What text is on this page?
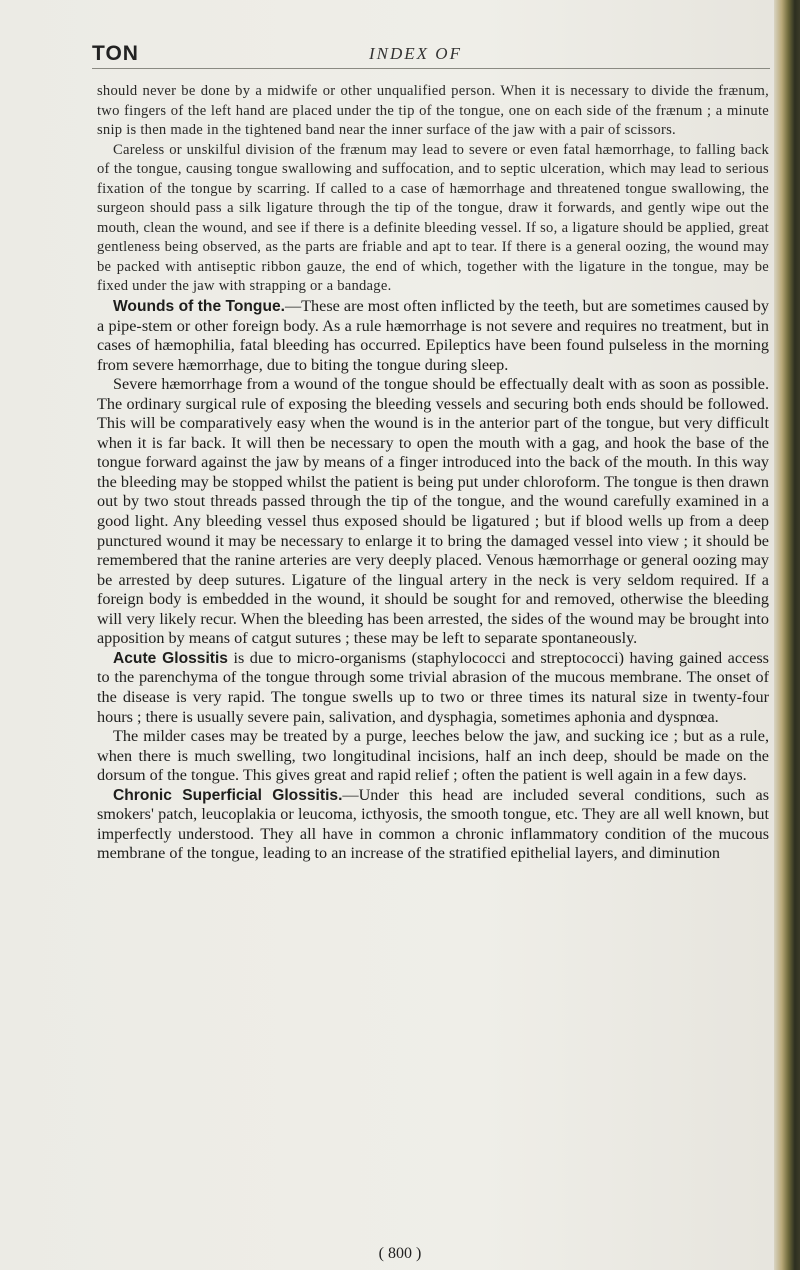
TON	INDEX OF

should never be done by a midwife or other unqualified person. When it is necessary to divide the frænum, two fingers of the left hand are placed under the tip of the tongue, one on each side of the frænum ; a minute snip is then made in the tightened band near the inner surface of the jaw with a pair of scissors.

Careless or unskilful division of the frænum may lead to severe or even fatal hæmorrhage, to falling back of the tongue, causing tongue swallowing and suffocation, and to septic ulceration, which may lead to serious fixation of the tongue by scarring. If called to a case of hæmorrhage and threatened tongue swallowing, the surgeon should pass a silk ligature through the tip of the tongue, draw it forwards, and gently wipe out the mouth, clean the wound, and see if there is a definite bleeding vessel. If so, a ligature should be applied, great gentleness being observed, as the parts are friable and apt to tear. If there is a general oozing, the wound may be packed with antiseptic ribbon gauze, the end of which, together with the ligature in the tongue, may be fixed under the jaw with strapping or a bandage.

Wounds of the Tongue.—These are most often inflicted by the teeth, but are sometimes caused by a pipe-stem or other foreign body. As a rule hæmorrhage is not severe and requires no treatment, but in cases of hæmophilia, fatal bleeding has occurred. Epileptics have been found pulseless in the morning from severe hæmorrhage, due to biting the tongue during sleep.

Severe hæmorrhage from a wound of the tongue should be effectually dealt with as soon as possible. The ordinary surgical rule of exposing the bleeding vessels and securing both ends should be followed. This will be comparatively easy when the wound is in the anterior part of the tongue, but very difficult when it is far back. It will then be necessary to open the mouth with a gag, and hook the base of the tongue forward against the jaw by means of a finger introduced into the back of the mouth. In this way the bleeding may be stopped whilst the patient is being put under chloroform. The tongue is then drawn out by two stout threads passed through the tip of the tongue, and the wound carefully examined in a good light. Any bleeding vessel thus exposed should be ligatured ; but if blood wells up from a deep punctured wound it may be necessary to enlarge it to bring the damaged vessel into view ; it should be remembered that the ranine arteries are very deeply placed. Venous hæmorrhage or general oozing may be arrested by deep sutures. Ligature of the lingual artery in the neck is very seldom required. If a foreign body is embedded in the wound, it should be sought for and removed, otherwise the bleeding will very likely recur. When the bleeding has been arrested, the sides of the wound may be brought into apposition by means of catgut sutures ; these may be left to separate spontaneously.

Acute Glossitis is due to micro-organisms (staphylococci and streptococci) having gained access to the parenchyma of the tongue through some trivial abrasion of the mucous membrane. The onset of the disease is very rapid. The tongue swells up to two or three times its natural size in twenty-four hours ; there is usually severe pain, salivation, and dysphagia, sometimes aphonia and dyspnœa.

The milder cases may be treated by a purge, leeches below the jaw, and sucking ice ; but as a rule, when there is much swelling, two longitudinal incisions, half an inch deep, should be made on the dorsum of the tongue. This gives great and rapid relief ; often the patient is well again in a few days.

Chronic Superficial Glossitis.—Under this head are included several conditions, such as smokers' patch, leucoplakia or leucoma, icthyosis, the smooth tongue, etc. They are all well known, but imperfectly understood. They all have in common a chronic inflammatory condition of the mucous membrane of the tongue, leading to an increase of the stratified epithelial layers, and diminution

( 800 )
